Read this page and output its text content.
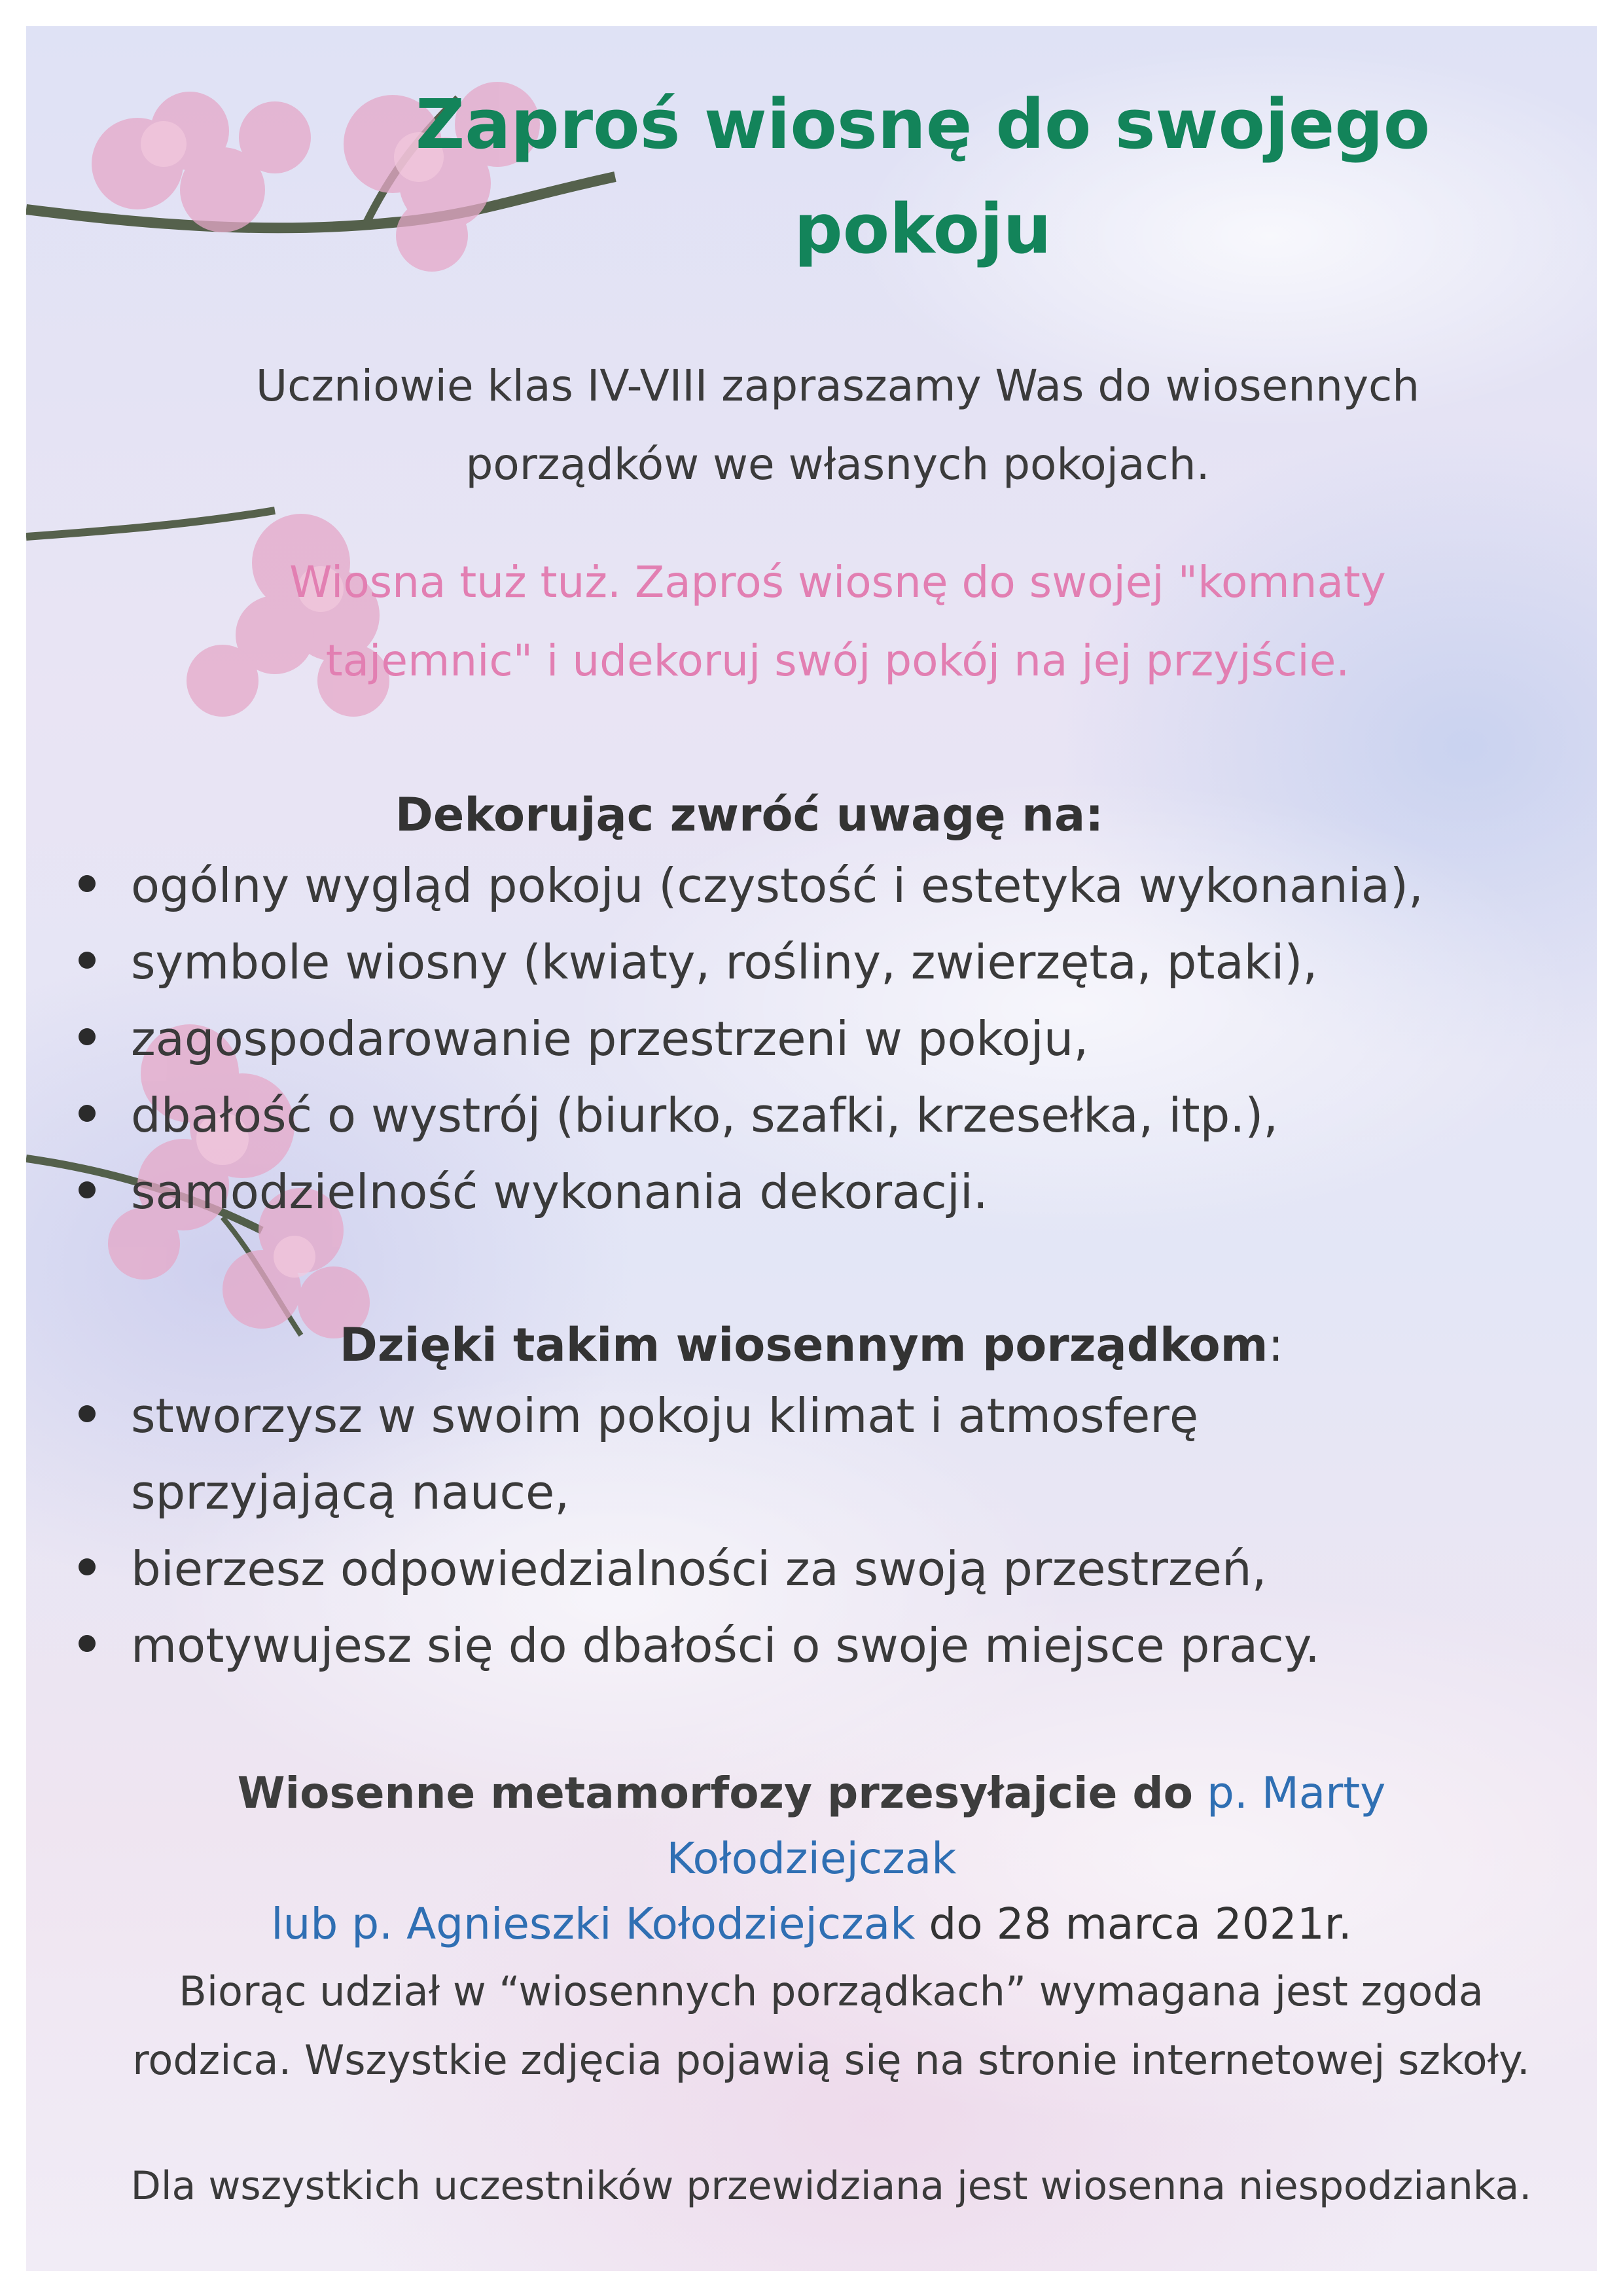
Zaproś wiosnę do swojego
pokoju

Uczniowie klas IV-VIII zapraszamy Was do wiosennych
porządków we własnych pokojach.

Wiosna tuż tuż. Zaproś wiosnę do swojej "komnaty
tajemnic" i udekoruj swój pokój na jej przyjście.

Dekorując zwróć uwagę na:
ogólny wygląd pokoju (czystość i estetyka wykonania),
symbole wiosny (kwiaty, rośliny, zwierzęta, ptaki),
zagospodarowanie przestrzeni w pokoju,
dbałość o wystrój (biurko, szafki, krzesełka, itp.),
samodzielność wykonania dekoracji.
Dzięki takim wiosennym porządkom:
stworzysz w swoim pokoju klimat i atmosferę
sprzyjającą nauce,
bierzesz odpowiedzialności za swoją przestrzeń,
motywujesz się do dbałości o swoje miejsce pracy.

Wiosenne metamorfozy przesyłajcie do p. Marty Kołodziejczak
lub p. Agnieszki Kołodziejczak do 28 marca 2021r.

Biorąc udział w “wiosennych porządkach” wymagana jest zgoda
rodzica. Wszystkie zdjęcia pojawią się na stronie internetowej szkoły.

Dla wszystkich uczestników przewidziana jest wiosenna niespodzianka.
